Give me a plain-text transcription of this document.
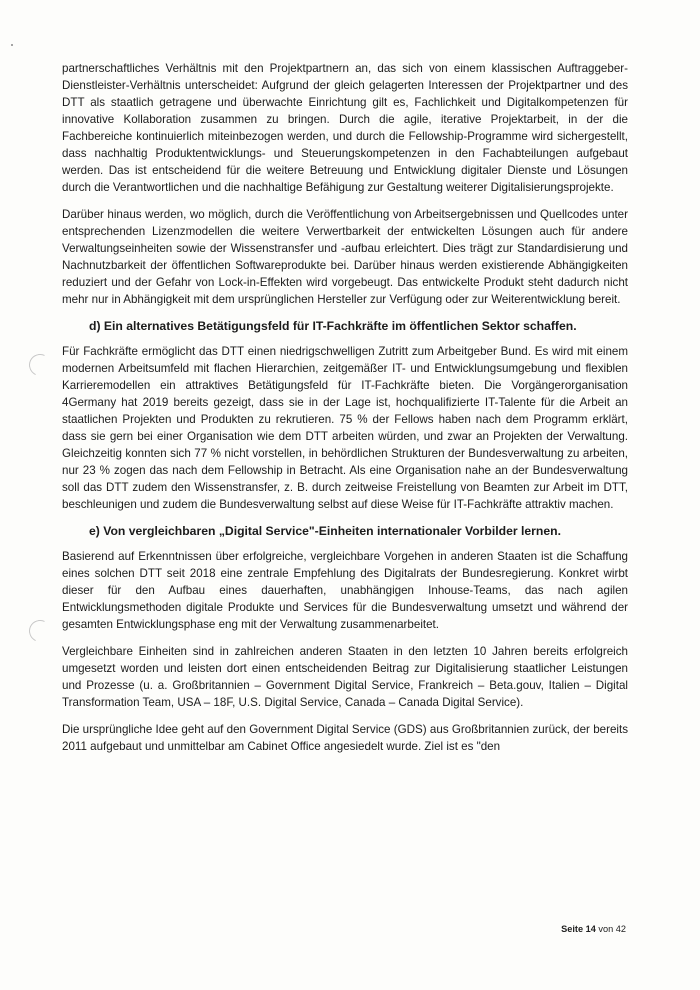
partnerschaftliches Verhältnis mit den Projektpartnern an, das sich von einem klassischen Auftraggeber-Dienstleister-Verhältnis unterscheidet: Aufgrund der gleich gelagerten Interessen der Projektpartner und des DTT als staatlich getragene und überwachte Einrichtung gilt es, Fachlichkeit und Digitalkompetenzen für innovative Kollaboration zusammen zu bringen. Durch die agile, iterative Projektarbeit, in der die Fachbereiche kontinuierlich miteinbezogen werden, und durch die Fellowship-Programme wird sichergestellt, dass nachhaltig Produktentwicklungs- und Steuerungskompetenzen in den Fachabteilungen aufgebaut werden. Das ist entscheidend für die weitere Betreuung und Entwicklung digitaler Dienste und Lösungen durch die Verantwortlichen und die nachhaltige Befähigung zur Gestaltung weiterer Digitalisierungsprojekte.

Darüber hinaus werden, wo möglich, durch die Veröffentlichung von Arbeitsergebnissen und Quellcodes unter entsprechenden Lizenzmodellen die weitere Verwertbarkeit der entwickelten Lösungen auch für andere Verwaltungseinheiten sowie der Wissenstransfer und -aufbau erleichtert. Dies trägt zur Standardisierung und Nachnutzbarkeit der öffentlichen Softwareprodukte bei. Darüber hinaus werden existierende Abhängigkeiten reduziert und der Gefahr von Lock-in-Effekten wird vorgebeugt. Das entwickelte Produkt steht dadurch nicht mehr nur in Abhängigkeit mit dem ursprünglichen Hersteller zur Verfügung oder zur Weiterentwicklung bereit.

d) Ein alternatives Betätigungsfeld für IT-Fachkräfte im öffentlichen Sektor schaffen.

Für Fachkräfte ermöglicht das DTT einen niedrigschwelligen Zutritt zum Arbeitgeber Bund. Es wird mit einem modernen Arbeitsumfeld mit flachen Hierarchien, zeitgemäßer IT- und Entwicklungsumgebung und flexiblen Karrieremodellen ein attraktives Betätigungsfeld für IT-Fachkräfte bieten. Die Vorgängerorganisation 4Germany hat 2019 bereits gezeigt, dass sie in der Lage ist, hochqualifizierte IT-Talente für die Arbeit an staatlichen Projekten und Produkten zu rekrutieren. 75 % der Fellows haben nach dem Programm erklärt, dass sie gern bei einer Organisation wie dem DTT arbeiten würden, und zwar an Projekten der Verwaltung. Gleichzeitig konnten sich 77 % nicht vorstellen, in behördlichen Strukturen der Bundesverwaltung zu arbeiten, nur 23 % zogen das nach dem Fellowship in Betracht. Als eine Organisation nahe an der Bundesverwaltung soll das DTT zudem den Wissenstransfer, z. B. durch zeitweise Freistellung von Beamten zur Arbeit im DTT, beschleunigen und zudem die Bundesverwaltung selbst auf diese Weise für IT-Fachkräfte attraktiv machen.

e) Von vergleichbaren „Digital Service"-Einheiten internationaler Vorbilder lernen.

Basierend auf Erkenntnissen über erfolgreiche, vergleichbare Vorgehen in anderen Staaten ist die Schaffung eines solchen DTT seit 2018 eine zentrale Empfehlung des Digitalrats der Bundesregierung. Konkret wirbt dieser für den Aufbau eines dauerhaften, unabhängigen Inhouse-Teams, das nach agilen Entwicklungsmethoden digitale Produkte und Services für die Bundesverwaltung umsetzt und während der gesamten Entwicklungsphase eng mit der Verwaltung zusammenarbeitet.

Vergleichbare Einheiten sind in zahlreichen anderen Staaten in den letzten 10 Jahren bereits erfolgreich umgesetzt worden und leisten dort einen entscheidenden Beitrag zur Digitalisierung staatlicher Leistungen und Prozesse (u. a. Großbritannien – Government Digital Service, Frankreich – Beta.gouv, Italien – Digital Transformation Team, USA – 18F, U.S. Digital Service, Canada – Canada Digital Service).

Die ursprüngliche Idee geht auf den Government Digital Service (GDS) aus Großbritannien zurück, der bereits 2011 aufgebaut und unmittelbar am Cabinet Office angesiedelt wurde. Ziel ist es "den

Seite 14 von 42
